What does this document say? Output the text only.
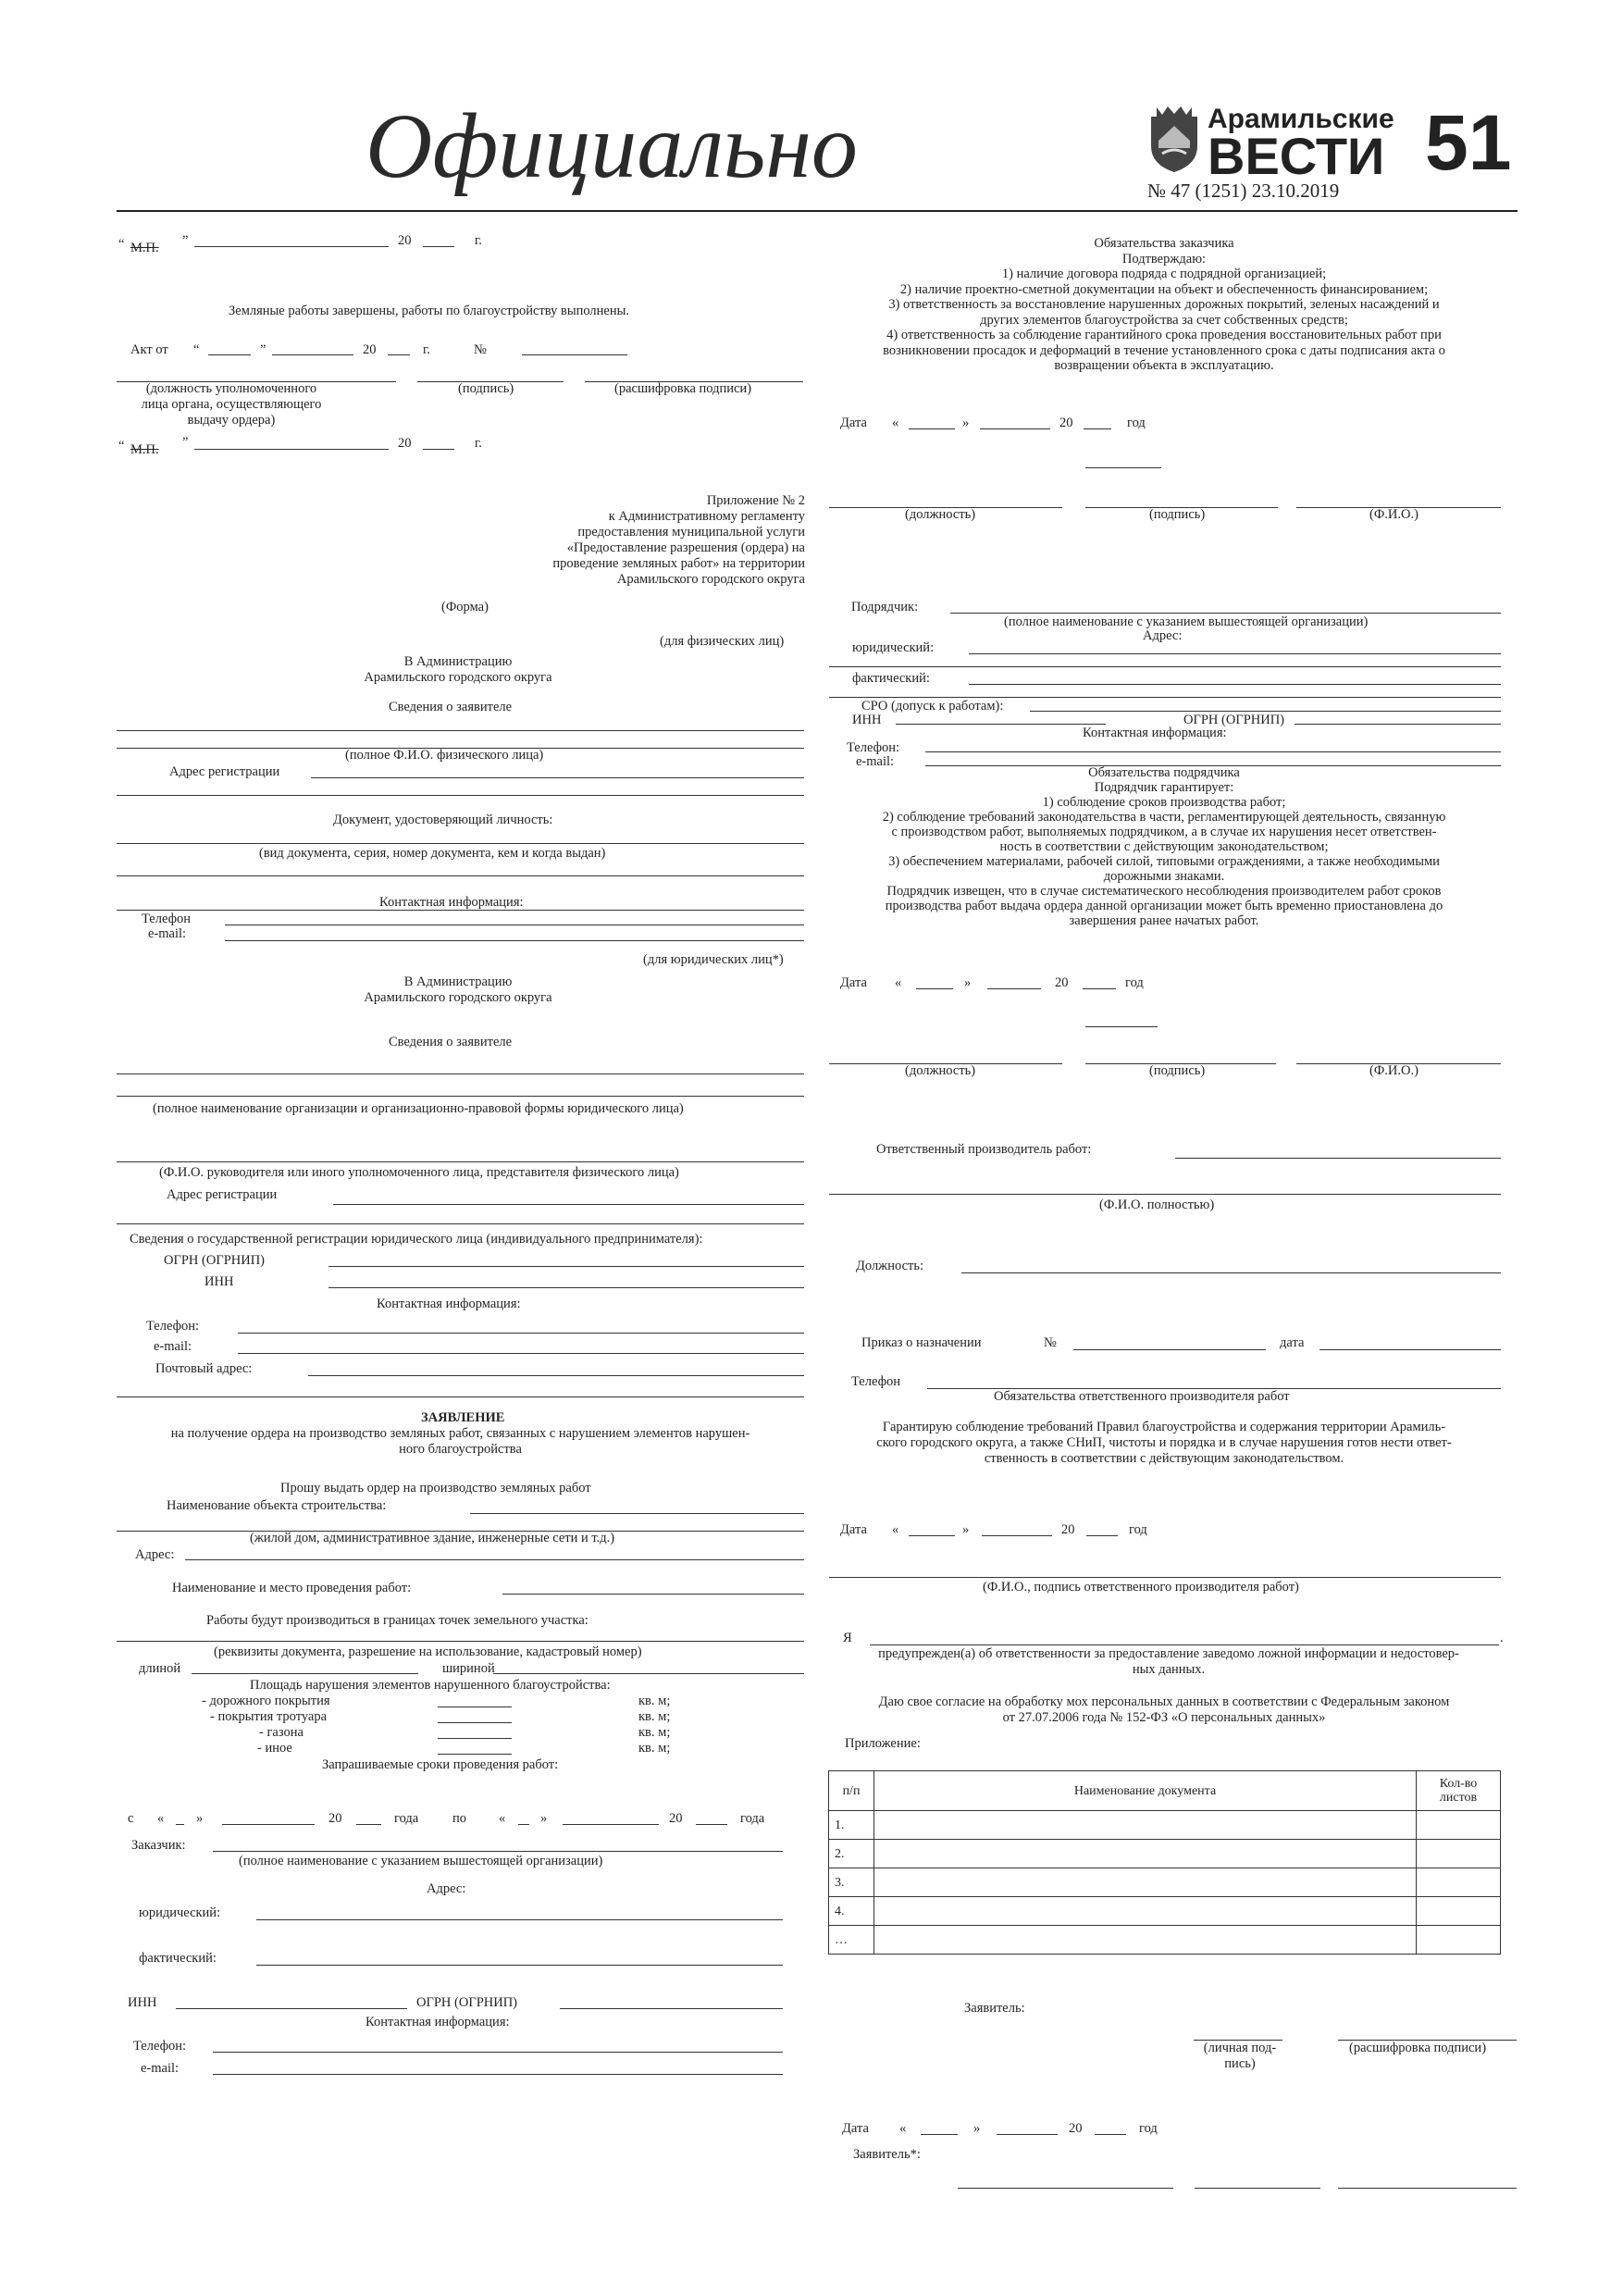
Официально	Арамильские
ВЕСТИ 51
№ 47 (1251) 23.10.2019
“ М.П. ”	20	г.
Земляные работы завершены, работы по благоустройству выполнены.
Акт от “	”	20	г.	№
(должность уполномоченного лица органа, осуществляющего выдачу ордера)
(подпись)	(расшифровка подписи)
“ М.П. ”	20	г.
Приложение № 2
к Административному регламенту
предоставления муниципальной услуги
«Предоставление разрешения (ордера) на
проведение земляных работ» на территории
Арамильского городского округа
(Форма)
(для физических лиц)
В Администрацию
Арамильского городского округа
Сведения о заявителе
(полное Ф.И.О. физического лица)
Адрес регистрации
Документ, удостоверяющий личность:
(вид документа, серия, номер документа, кем и когда выдан)
Контактная информация:
Телефон
e-mail:
(для юридических лиц*)
В Администрацию
Арамильского городского округа
Сведения о заявителе
(полное наименование организации и организационно-правовой формы юридического лица)
(Ф.И.О. руководителя или иного уполномоченного лица, представителя физического лица)
Адрес регистрации
Сведения о государственной регистрации юридического лица (индивидуального предпринимателя):
ОГРН (ОГРНИП)
ИНН
Контактная информация:
Телефон:
e-mail:
Почтовый адрес:
ЗАЯВЛЕНИЕ
на получение ордера на производство земляных работ, связанных с нарушением элементов нарушен-
ного благоустройства
Прошу выдать ордер на производство земляных работ
Наименование объекта строительства:
(жилой дом, административное здание, инженерные сети и т.д.)
Адрес:
Наименование и место проведения работ:
Работы будут производиться в границах точек земельного участка:
(реквизиты документа, разрешение на использование, кадастровый номер)
длиной	шириной
Площадь нарушения элементов нарушенного благоустройства:
- дорожного покрытия
- покрытия тротуара
- газона
- иное
кв. м;
кв. м;
кв. м;
кв. м;
Запрашиваемые сроки проведения работ:
с « »	20	года	по «	»	20	года
Заказчик:
(полное наименование с указанием вышестоящей организации)
Адрес:
юридический:
фактический:
ИНН	ОГРН (ОГРНИП)
Контактная информация:
Телефон:
e-mail:
Обязательства заказчика
Подтверждаю:
1) наличие договора подряда с подрядной организацией;
2) наличие проектно-сметной документации на объект и обеспеченность финансированием;
3) ответственность за восстановление нарушенных дорожных покрытий, зеленых насаждений и
других элементов благоустройства за счет собственных средств;
4) ответственность за соблюдение гарантийного срока проведения восстановительных работ при
возникновении просадок и деформаций в течение установленного срока с даты подписания акта о
возвращении объекта в эксплуатацию.
Дата «	»	20	год
(должность)	(подпись)	(Ф.И.О.)
Подрядчик:
(полное наименование с указанием вышестоящей организации)
Адрес:
юридический:
фактический:
СРО (допуск к работам):
ИНН	ОГРН (ОГРНИП)
Контактная информация:
Телефон:
e-mail:
Обязательства подрядчика
Подрядчик гарантирует:
1) соблюдение сроков производства работ;
2) соблюдение требований законодательства в части, регламентирующей деятельность, связанную
с производством работ, выполняемых подрядчиком, а в случае их нарушения несет ответствен-
ность в соответствии с действующим законодательством;
3) обеспечением материалами, рабочей силой, типовыми ограждениями, а также необходимыми
дорожными знаками.
Подрядчик извещен, что в случае систематического несоблюдения производителем работ сроков
производства работ выдача ордера данной организации может быть временно приостановлена до
завершения ранее начатых работ.
Дата «	»	20	год
(должность)	(подпись)	(Ф.И.О.)
Ответственный производитель работ:
(Ф.И.О. полностью)
Должность:
Приказ о назначении	№	дата
Телефон
Обязательства ответственного производителя работ
Гарантирую соблюдение требований Правил благоустройства и содержания территории Арамиль-
ского городского округа, а также СНиП, чистоты и порядка и в случае нарушения готов нести ответ-
ственность в соответствии с действующим законодательством.
Дата «	»	20	год
(Ф.И.О., подпись ответственного производителя работ)
Я	.
предупрежден(а) об ответственности за предоставление заведомо ложной информации и недостовер-
ных данных.
Даю свое согласие на обработку мох персональных данных в соответствии с Федеральным законом
от 27.07.2006 года № 152-ФЗ «О персональных данных»
Приложение:
п/п	Наименование документа	Кол-во листов
1.		
2.		
3.		
4.		
…		
Заявитель:
(личная под-
пись)
(расшифровка подписи)
Дата «	»	20	год
Заявитель*:
